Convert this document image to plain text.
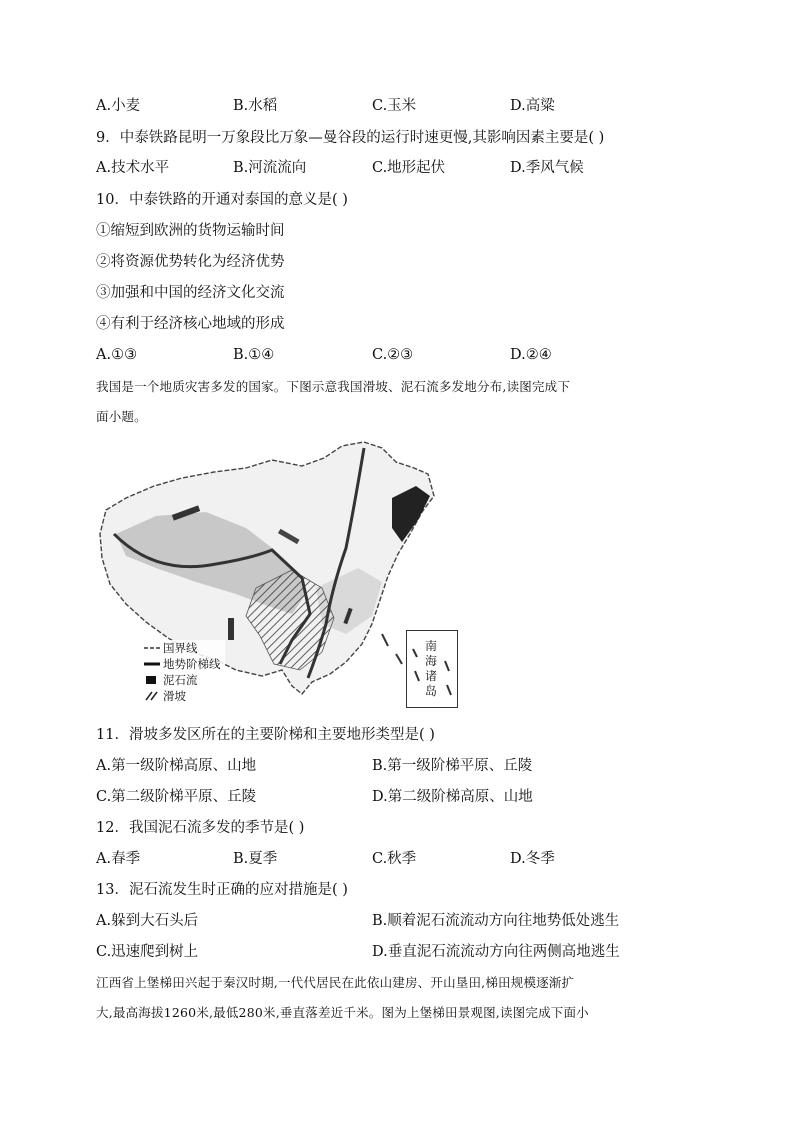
A.小麦	B.水稻	C.玉米	D.高粱
9．中泰铁路昆明一万象段比万象—曼谷段的运行时速更慢,其影响因素主要是( )
A.技术水平	B.河流流向	C.地形起伏	D.季风气候
10．中泰铁路的开通对泰国的意义是( )
①缩短到欧洲的货物运输时间
②将资源优势转化为经济优势
③加强和中国的经济文化交流
④有利于经济核心地域的形成
A.①③	B.①④	C.②③	D.②④
我国是一个地质灾害多发的国家。下图示意我国滑坡、泥石流多发地分布,读图完成下
面小题。
国界线
地势阶梯线
泥石流
滑坡
南海诸岛
11．滑坡多发区所在的主要阶梯和主要地形类型是( )
A.第一级阶梯高原、山地	B.第一级阶梯平原、丘陵
C.第二级阶梯平原、丘陵	D.第二级阶梯高原、山地
12．我国泥石流多发的季节是( )
A.春季	B.夏季	C.秋季	D.冬季
13．泥石流发生时正确的应对措施是( )
A.躲到大石头后	B.顺着泥石流流动方向往地势低处逃生
C.迅速爬到树上	D.垂直泥石流流动方向往两侧高地逃生
江西省上堡梯田兴起于秦汉时期,一代代居民在此依山建房、开山垦田,梯田规模逐渐扩
大,最高海拔1260米,最低280米,垂直落差近千米。图为上堡梯田景观图,读图完成下面小
